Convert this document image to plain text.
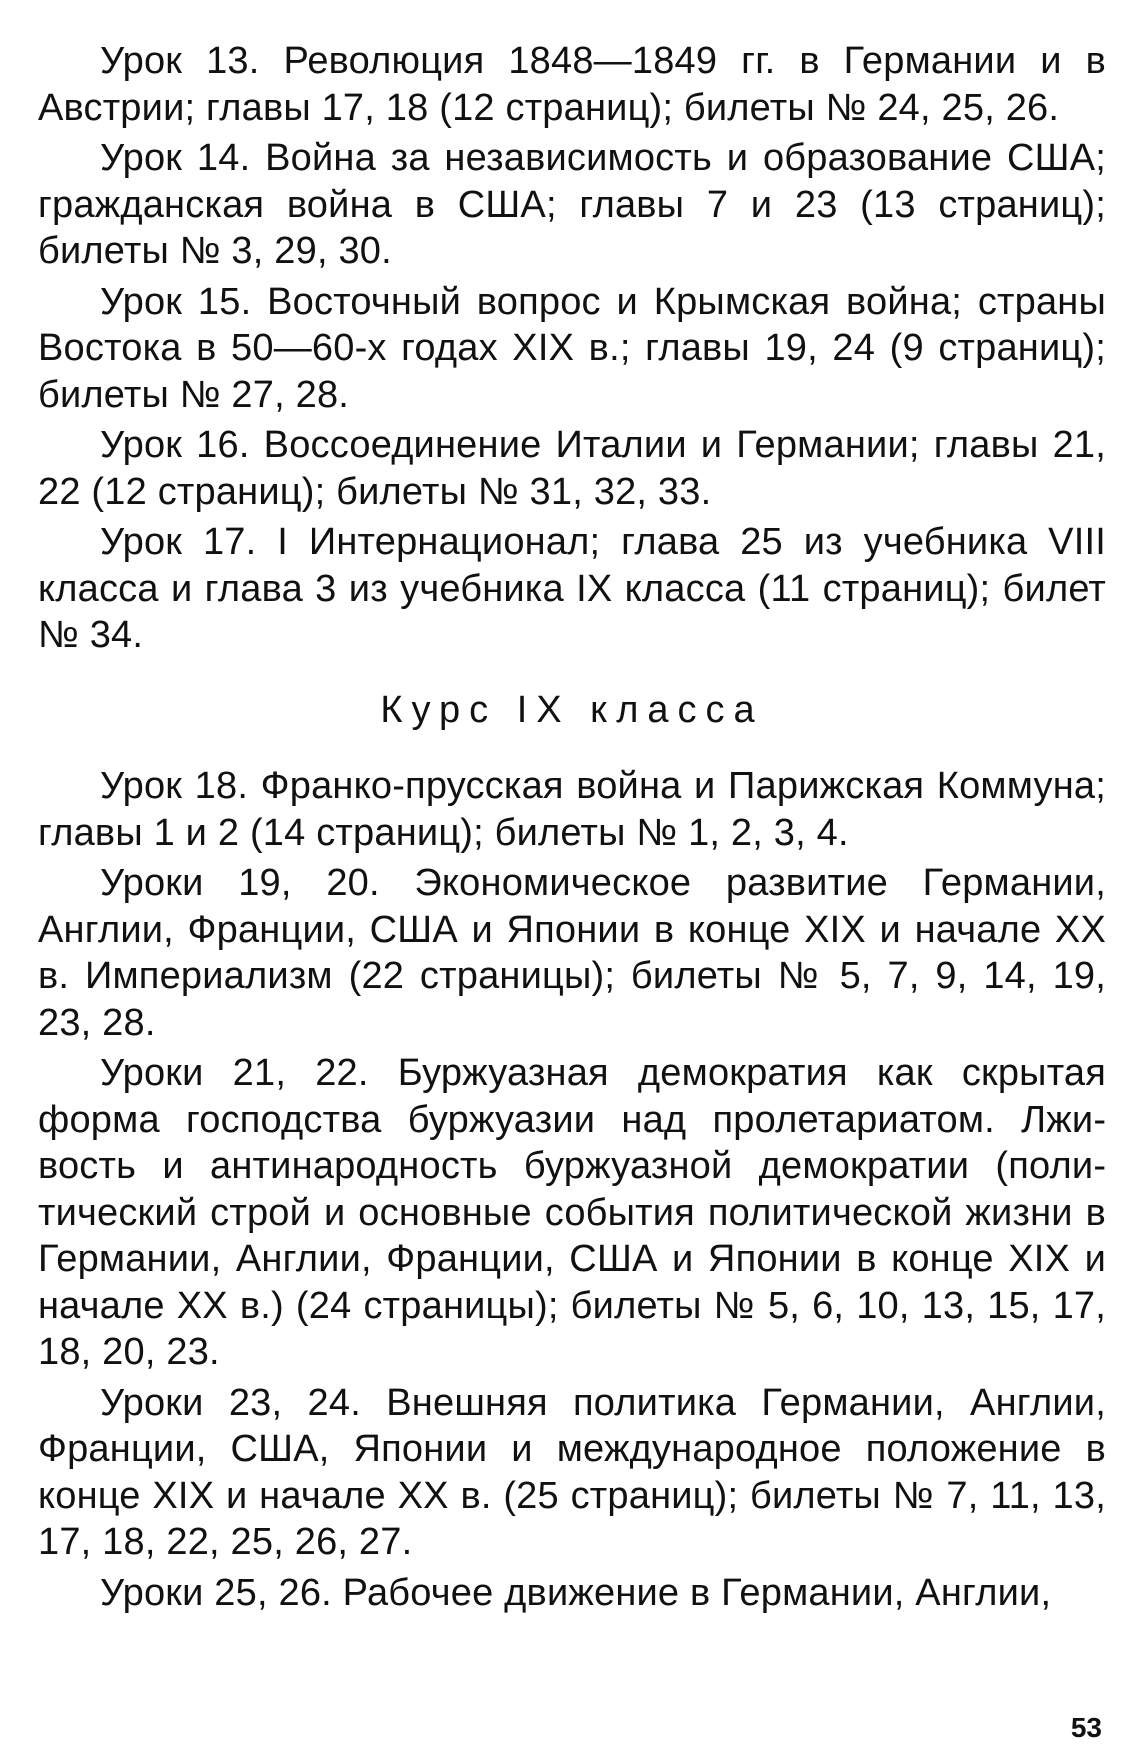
Урок 13. Революция 1848—1849 гг. в Германии и в Австрии; главы 17, 18 (12 страниц); билеты № 24, 25, 26.

Урок 14. Война за независимость и образование США; гражданская война в США; главы 7 и 23 (13 страниц); билеты № 3, 29, 30.

Урок 15. Восточный вопрос и Крымская война; страны Востока в 50—60-х годах XIX в.; главы 19, 24 (9 страниц); билеты № 27, 28.

Урок 16. Воссоединение Италии и Германии; главы 21, 22 (12 страниц); билеты № 31, 32, 33.

Урок 17. I Интернационал; глава 25 из учебника VIII класса и глава 3 из учебника IX класса (11 страниц); билет № 34.

Курс IX класса

Урок 18. Франко-прусская война и Парижская Коммуна; главы 1 и 2 (14 страниц); билеты № 1, 2, 3, 4.

Уроки 19, 20. Экономическое развитие Германии, Англии, Франции, США и Японии в конце XIX и начале XX в. Империализм (22 страницы); билеты № 5, 7, 9, 14, 19, 23, 28.

Уроки 21, 22. Буржуазная демократия как скрытая форма господства буржуазии над пролетариатом. Лживость и антинародность буржуазной демократии (политический строй и основные события политической жизни в Германии, Англии, Франции, США и Японии в конце XIX и начале XX в.) (24 страницы); билеты № 5, 6, 10, 13, 15, 17, 18, 20, 23.

Уроки 23, 24. Внешняя политика Германии, Англии, Франции, США, Японии и международное положение в конце XIX и начале XX в. (25 страниц); билеты № 7, 11, 13, 17, 18, 22, 25, 26, 27.

Уроки 25, 26. Рабочее движение в Германии, Англии,

53
